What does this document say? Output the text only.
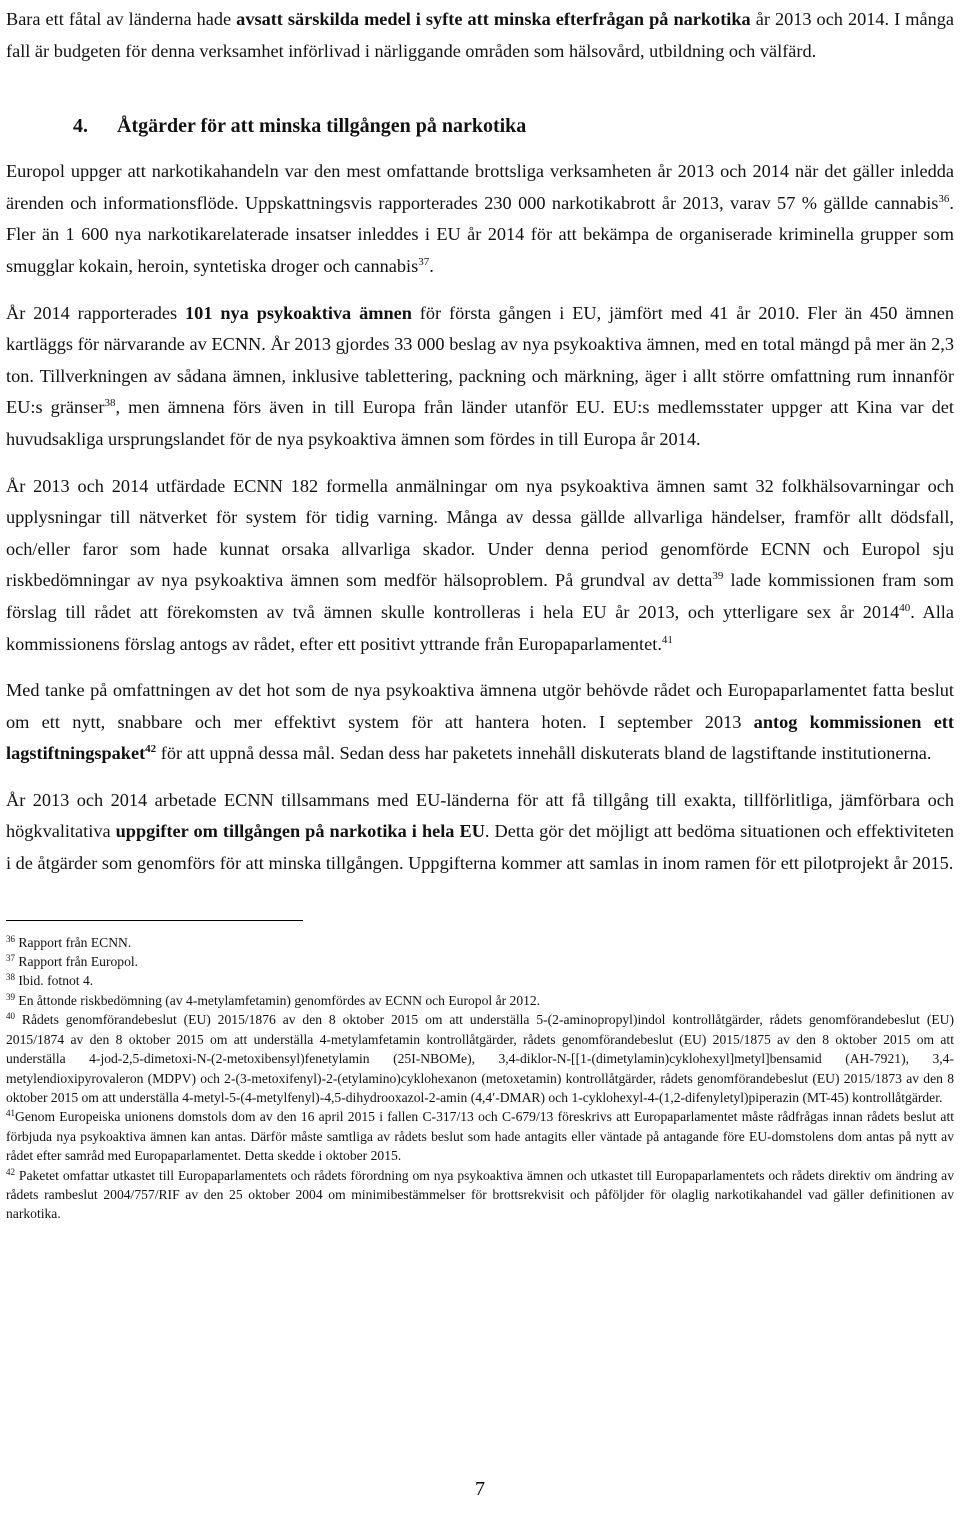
Bara ett fåtal av länderna hade avsatt särskilda medel i syfte att minska efterfrågan på narkotika år 2013 och 2014. I många fall är budgeten för denna verksamhet införlivad i närliggande områden som hälsovård, utbildning och välfärd.

4. Åtgärder för att minska tillgången på narkotika

Europol uppger att narkotikahandeln var den mest omfattande brottsliga verksamheten år 2013 och 2014 när det gäller inledda ärenden och informationsflöde. Uppskattningsvis rapporterades 230 000 narkotikabrott år 2013, varav 57 % gällde cannabis$^{36}$. Fler än 1 600 nya narkotikarelaterade insatser inleddes i EU år 2014 för att bekämpa de organiserade kriminella grupper som smugglar kokain, heroin, syntetiska droger och cannabis$^{37}$.

År 2014 rapporterades 101 nya psykoaktiva ämnen för första gången i EU, jämfört med 41 år 2010. Fler än 450 ämnen kartläggs för närvarande av ECNN. År 2013 gjordes 33 000 beslag av nya psykoaktiva ämnen, med en total mängd på mer än 2,3 ton. Tillverkningen av sådana ämnen, inklusive tablettering, packning och märkning, äger i allt större omfattning rum innanför EU:s gränser$^{38}$, men ämnena förs även in till Europa från länder utanför EU. EU:s medlemsstater uppger att Kina var det huvudsakliga ursprungslandet för de nya psykoaktiva ämnen som fördes in till Europa år 2014.

År 2013 och 2014 utfärdade ECNN 182 formella anmälningar om nya psykoaktiva ämnen samt 32 folkhälsovarningar och upplysningar till nätverket för system för tidig varning. Många av dessa gällde allvarliga händelser, framför allt dödsfall, och/eller faror som hade kunnat orsaka allvarliga skador. Under denna period genomförde ECNN och Europol sju riskbedömningar av nya psykoaktiva ämnen som medför hälsoproblem. På grundval av detta$^{39}$ lade kommissionen fram som förslag till rådet att förekomsten av två ämnen skulle kontrolleras i hela EU år 2013, och ytterligare sex år 2014$^{40}$. Alla kommissionens förslag antogs av rådet, efter ett positivt yttrande från Europaparlamentet.$^{41}$

Med tanke på omfattningen av det hot som de nya psykoaktiva ämnena utgör behövde rådet och Europaparlamentet fatta beslut om ett nytt, snabbare och mer effektivt system för att hantera hoten. I september 2013 antog kommissionen ett lagstiftningspaket$^{42}$ för att uppnå dessa mål. Sedan dess har paketets innehåll diskuterats bland de lagstiftande institutionerna.

År 2013 och 2014 arbetade ECNN tillsammans med EU-länderna för att få tillgång till exakta, tillförlitliga, jämförbara och högkvalitativa uppgifter om tillgången på narkotika i hela EU. Detta gör det möjligt att bedöma situationen och effektiviteten i de åtgärder som genomförs för att minska tillgången. Uppgifterna kommer att samlas in inom ramen för ett pilotprojekt år 2015.

$^{36}$ Rapport från ECNN.

$^{37}$ Rapport från Europol.

$^{38}$ Ibid. fotnot 4.

$^{39}$ En åttonde riskbedömning (av 4-metylamfetamin) genomfördes av ECNN och Europol år 2012.

$^{40}$ Rådets genomförandebeslut (EU) 2015/1876 av den 8 oktober 2015 om att underställa 5-(2-aminopropyl)indol kontrollåtgärder, rådets genomförandebeslut (EU) 2015/1874 av den 8 oktober 2015 om att underställa 4-metylamfetamin kontrollåtgärder, rådets genomförandebeslut (EU) 2015/1875 av den 8 oktober 2015 om att underställa 4-jod-2,5-dimetoxi-N-(2-metoxibensyl)fenetylamin (25I-NBOMe), 3,4-diklor-N-[[1-(dimetylamin)cyklohexyl]metyl]bensamid (AH-7921), 3,4-metylendioxipyrovaleron (MDPV) och 2-(3-metoxifenyl)-2-(etylamino)cyklohexanon (metoxetamin) kontrollåtgärder, rådets genomförandebeslut (EU) 2015/1873 av den 8 oktober 2015 om att underställa 4-metyl-5-(4-metylfenyl)-4,5-dihydrooxazol-2-amin (4,4′-DMAR) och 1-cyklohexyl-4-(1,2-difenyletyl)piperazin (MT-45) kontrollåtgärder.

$^{41}$Genom Europeiska unionens domstols dom av den 16 april 2015 i fallen C-317/13 och C-679/13 föreskrivs att Europaparlamentet måste rådfrågas innan rådets beslut att förbjuda nya psykoaktiva ämnen kan antas. Därför måste samtliga av rådets beslut som hade antagits eller väntade på antagande före EU-domstolens dom antas på nytt av rådet efter samråd med Europaparlamentet. Detta skedde i oktober 2015.

$^{42}$ Paketet omfattar utkastet till Europaparlamentets och rådets förordning om nya psykoaktiva ämnen och utkastet till Europaparlamentets och rådets direktiv om ändring av rådets rambeslut 2004/757/RIF av den 25 oktober 2004 om minimibestämmelser för brottsrekvisit och påföljder för olaglig narkotikahandel vad gäller definitionen av narkotika.

7
